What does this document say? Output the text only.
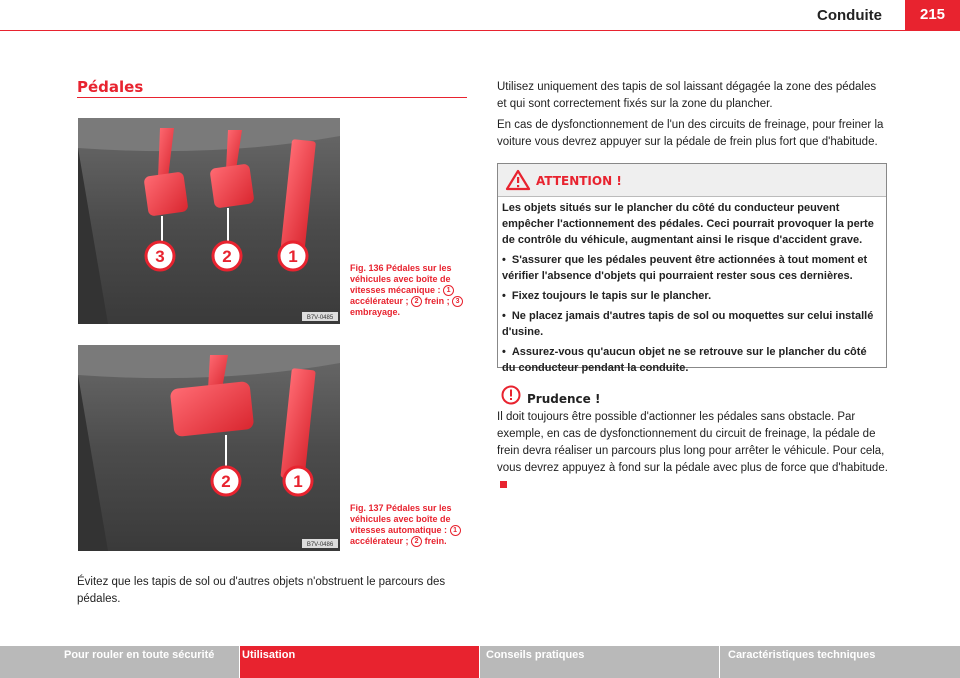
Conduite	215
Pédales
3	2	1
B7V-0485
Fig. 136 Pédales sur les véhicules avec boîte de vitesses mécanique : 1 accélérateur ; 2 frein ; 3 embrayage.
2	1
B7V-0486
Fig. 137 Pédales sur les véhicules avec boîte de vitesses automatique : 1 accélérateur ; 2 frein.
Évitez que les tapis de sol ou d'autres objets n'obstruent le parcours des pédales.
Utilisez uniquement des tapis de sol laissant dégagée la zone des pédales et qui sont correctement fixés sur la zone du plancher.
En cas de dysfonctionnement de l'un des circuits de freinage, pour freiner la voiture vous devrez appuyer sur la pédale de frein plus fort que d'habitude.
ATTENTION !

Les objets situés sur le plancher du côté du conducteur peuvent empêcher l'actionnement des pédales. Ceci pourrait provoquer la perte de contrôle du véhicule, augmentant ainsi le risque d'accident grave.

• S'assurer que les pédales peuvent être actionnées à tout moment et vérifier l'absence d'objets qui pourraient rester sous ces dernières.

• Fixez toujours le tapis sur le plancher.

• Ne placez jamais d'autres tapis de sol ou moquettes sur celui installé d'usine.

• Assurez-vous qu'aucun objet ne se retrouve sur le plancher du côté du conducteur pendant la conduite.

Prudence !
Il doit toujours être possible d'actionner les pédales sans obstacle. Par exemple, en cas de dysfonctionnement du circuit de freinage, la pédale de frein devra réaliser un parcours plus long pour arrêter le véhicule. Pour cela, vous devrez appuyez à fond sur la pédale avec plus de force que d'habitude.
Pour rouler en toute sécurité	Utilisation	Conseils pratiques	Caractéristiques techniques
